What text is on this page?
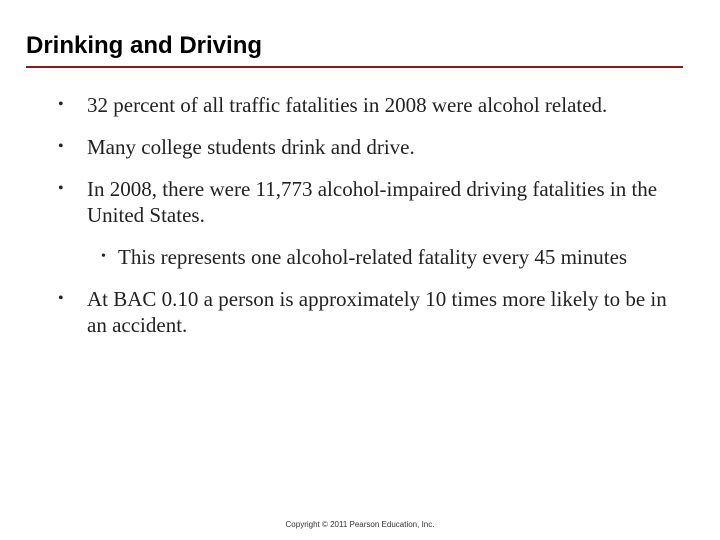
Drinking and Driving
• 32 percent of all traffic fatalities in 2008 were alcohol related.
• Many college students drink and drive.
• In 2008, there were 11,773 alcohol-impaired driving fatalities in the United States.
• This represents one alcohol-related fatality every 45 minutes
• At BAC 0.10 a person is approximately 10 times more likely to be in an accident.
Copyright © 2011 Pearson Education, Inc.
